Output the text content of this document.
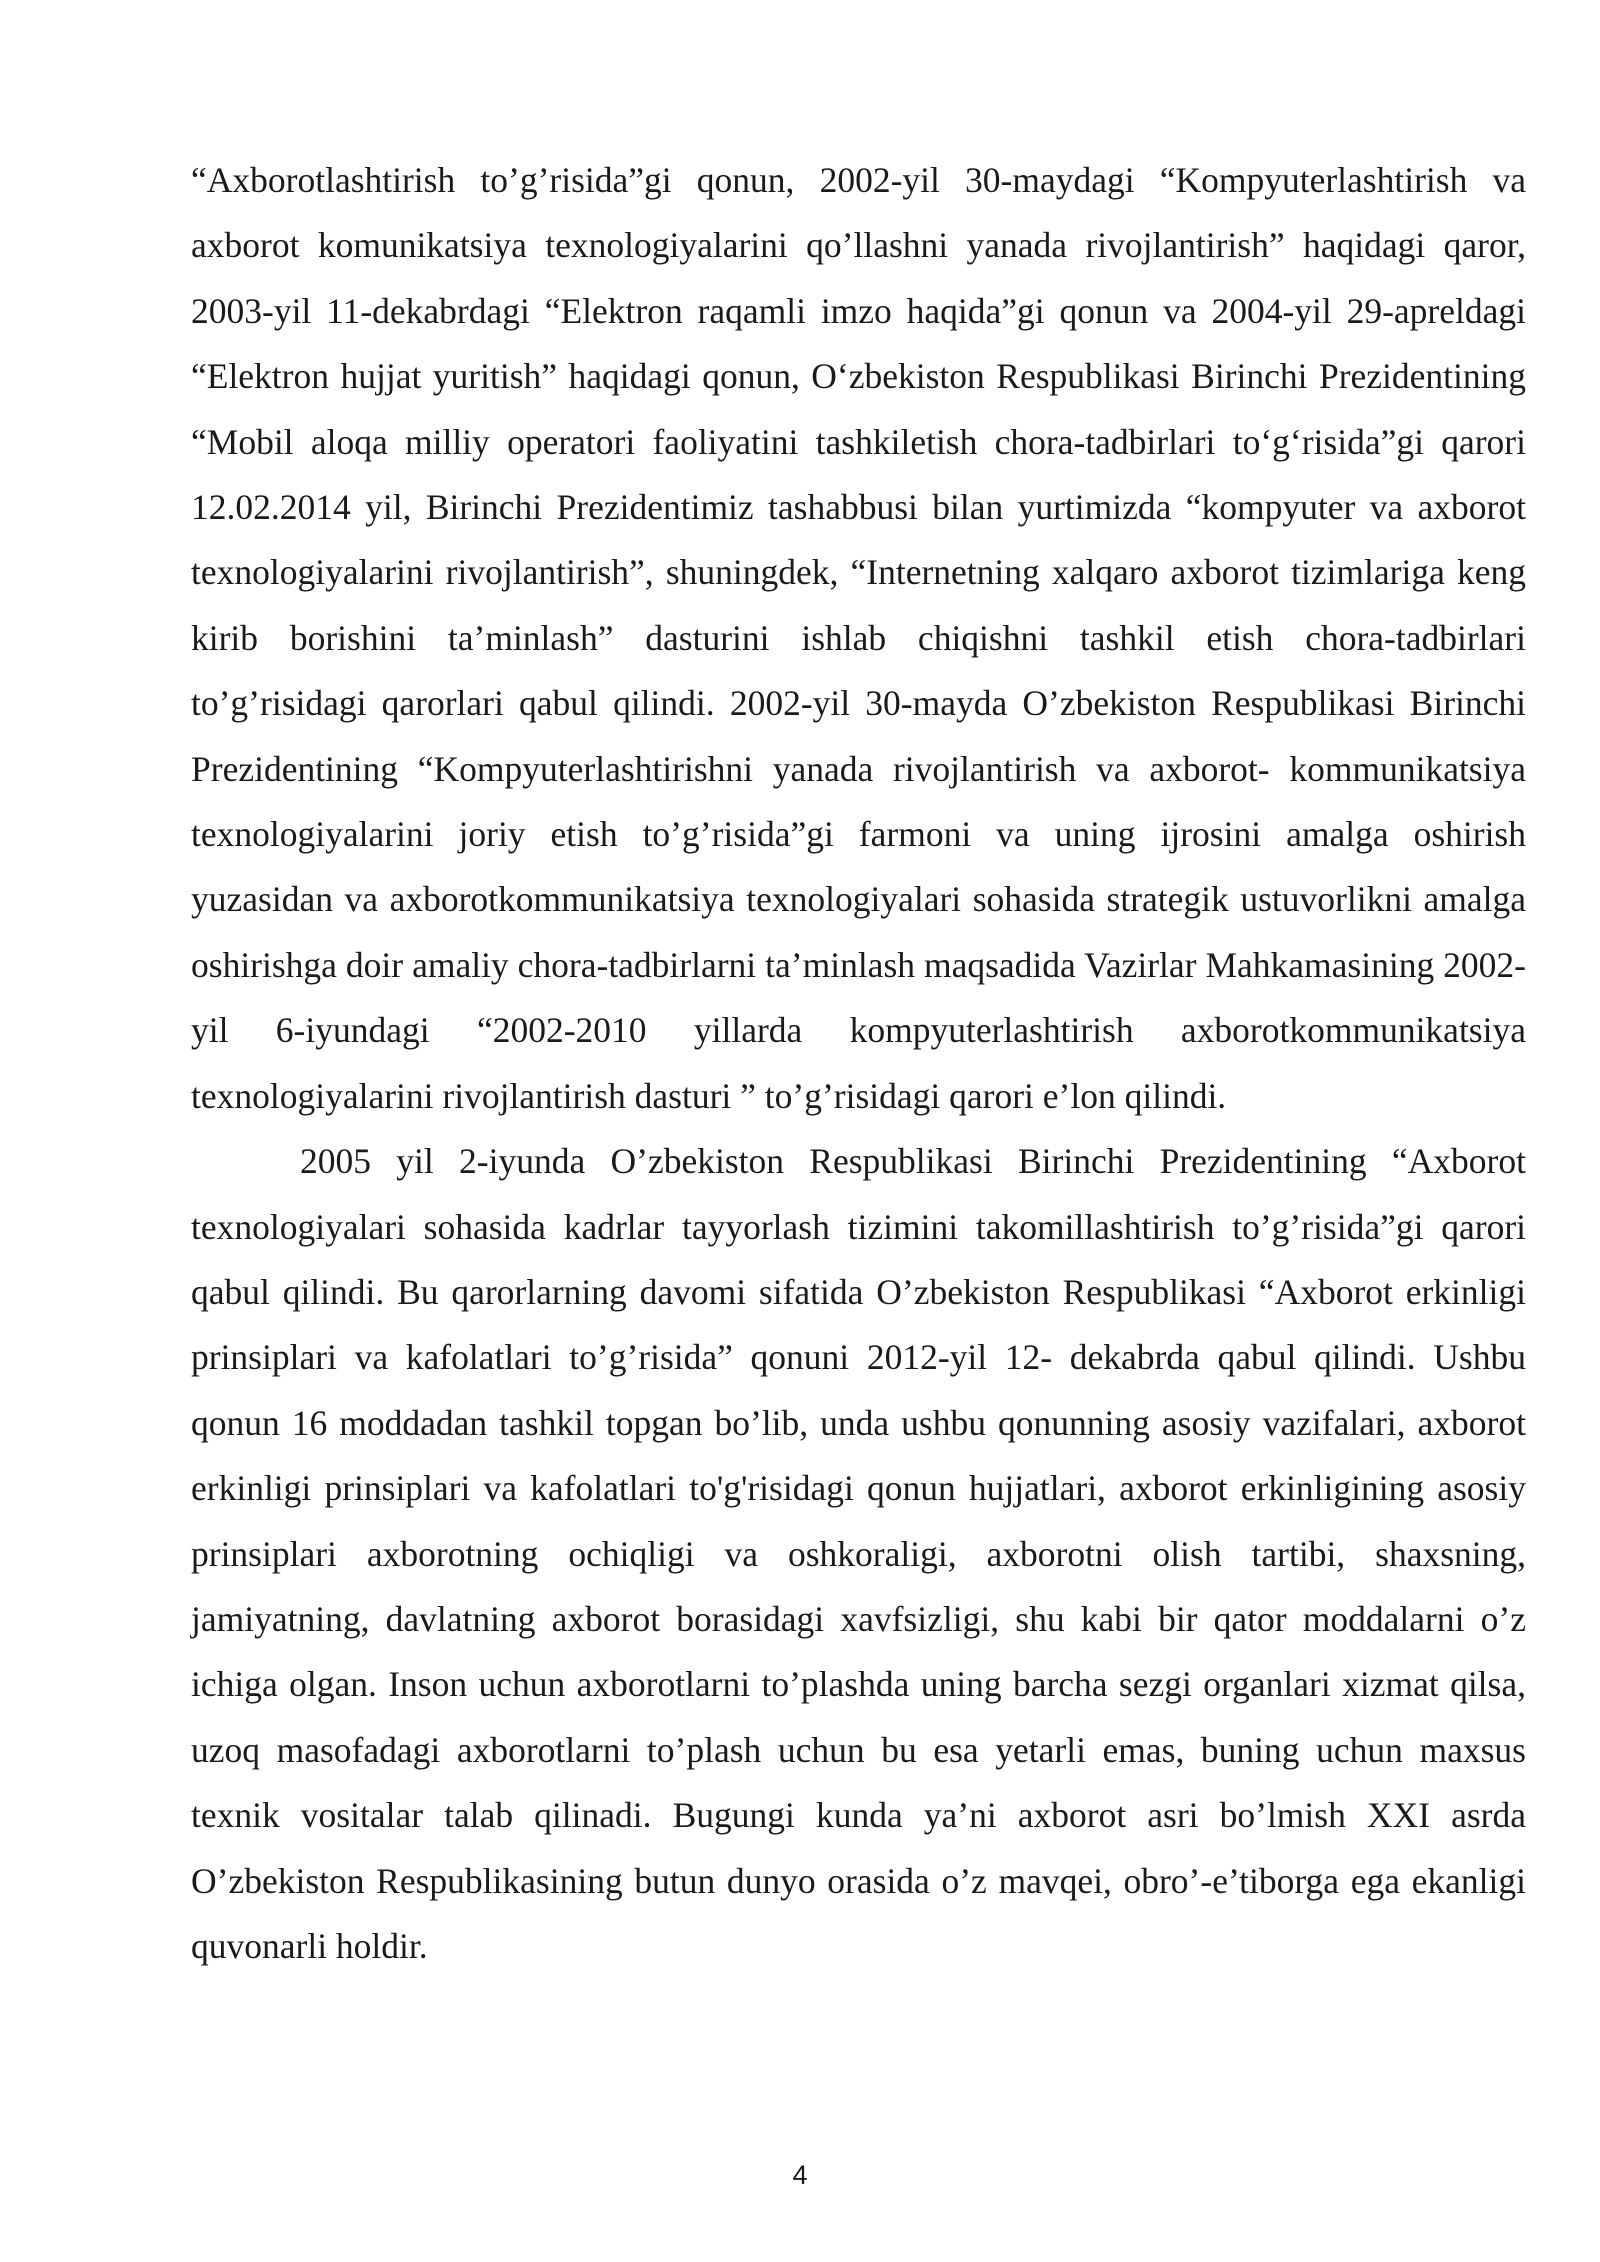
“Axborotlashtirish to’g’risida”gi qonun, 2002-yil 30-maydagi “Kompyuterlashtirish va axborot komunikatsiya texnologiyalarini qo’llashni yanada rivojlantirish” haqidagi qaror, 2003-yil 11-dekabrdagi “Elektron raqamli imzo haqida”gi qonun va 2004-yil 29-apreldagi “Elektron hujjat yuritish” haqidagi qonun, O‘zbekiston Respublikasi Birinchi Prezidentining “Mobil aloqa milliy operatori faoliyatini tashkiletish chora-tadbirlari to‘g‘risida”gi qarori 12.02.2014 yil, Birinchi Prezidentimiz tashabbusi bilan yurtimizda “kompyuter va axborot texnologiyalarini rivojlantirish”, shuningdek, “Internetning xalqaro axborot tizimlariga keng kirib borishini ta’minlash” dasturini ishlab chiqishni tashkil etish chora-tadbirlari to’g’risidagi qarorlari qabul qilindi. 2002-yil 30-mayda O’zbekiston Respublikasi Birinchi Prezidentining “Kompyuterlashtirishni yanada rivojlantirish va axborot- kommunikatsiya texnologiyalarini joriy etish to’g’risida”gi farmoni va uning ijrosini amalga oshirish yuzasidan va axborotkommunikatsiya texnologiyalari sohasida strategik ustuvorlikni amalga oshirishga doir amaliy chora-tadbirlarni ta’minlash maqsadida Vazirlar Mahkamasining 2002-yil 6-iyundagi “2002-2010 yillarda kompyuterlashtirish axborotkommunikatsiya texnologiyalarini rivojlantirish dasturi ” to’g’risidagi qarori e’lon qilindi.

2005 yil 2-iyunda O’zbekiston Respublikasi Birinchi Prezidentining “Axborot texnologiyalari sohasida kadrlar tayyorlash tizimini takomillashtirish to’g’risida”gi qarori qabul qilindi. Bu qarorlarning davomi sifatida O’zbekiston Respublikasi “Axborot erkinligi prinsiplari va kafolatlari to’g’risida” qonuni 2012-yil 12- dekabrda qabul qilindi. Ushbu qonun 16 moddadan tashkil topgan bo’lib, unda ushbu qonunning asosiy vazifalari, axborot erkinligi prinsiplari va kafolatlari to'g'risidagi qonun hujjatlari, axborot erkinligining asosiy prinsiplari axborotning ochiqligi va oshkoraligi, axborotni olish tartibi, shaxsning, jamiyatning, davlatning axborot borasidagi xavfsizligi, shu kabi bir qator moddalarni o’z ichiga olgan. Inson uchun axborotlarni to’plashda uning barcha sezgi organlari xizmat qilsa, uzoq masofadagi axborotlarni to’plash uchun bu esa yetarli emas, buning uchun maxsus texnik vositalar talab qilinadi. Bugungi kunda ya’ni axborot asri bo’lmish XXI asrda O’zbekiston Respublikasining butun dunyo orasida o’z mavqei, obro’-e’tiborga ega ekanligi quvonarli holdir.

4
